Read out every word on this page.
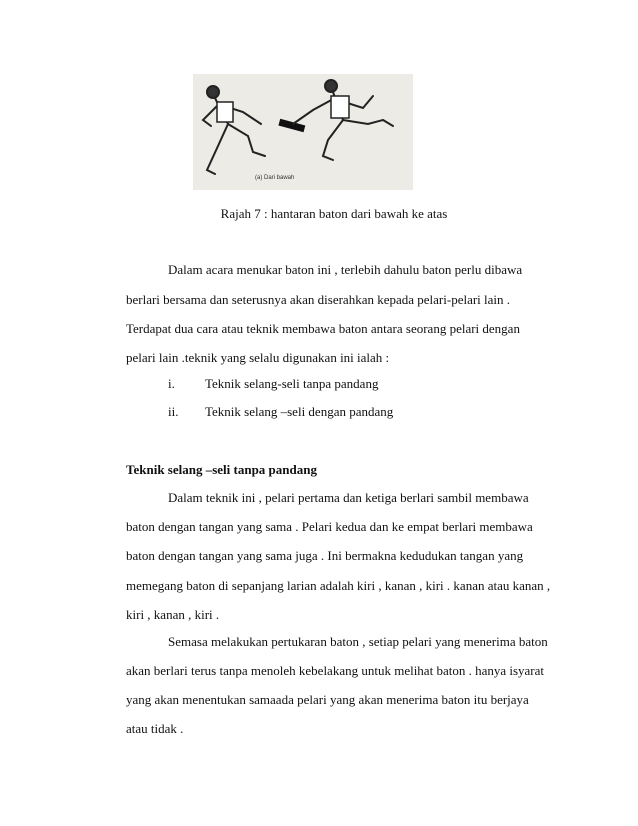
(a) Dari bawah
Rajah 7 : hantaran baton dari bawah ke atas
Dalam acara menukar baton ini , terlebih dahulu baton perlu dibawa
berlari bersama dan seterusnya akan diserahkan kepada pelari-pelari lain .
Terdapat dua cara atau teknik membawa baton antara seorang pelari dengan
pelari lain .teknik yang selalu digunakan ini ialah :
i. Teknik selang-seli tanpa pandang
ii. Teknik selang –seli dengan pandang
Teknik selang –seli tanpa pandang
Dalam teknik ini , pelari pertama dan ketiga berlari sambil membawa
baton dengan tangan yang sama . Pelari kedua dan ke empat berlari membawa
baton dengan tangan yang sama juga . Ini bermakna kedudukan tangan yang
memegang baton di sepanjang larian adalah kiri , kanan , kiri . kanan atau kanan ,
kiri , kanan , kiri .
Semasa melakukan pertukaran baton , setiap pelari yang menerima baton
akan berlari terus tanpa menoleh kebelakang untuk melihat baton . hanya isyarat
yang akan menentukan samaada pelari yang akan menerima baton itu berjaya
atau tidak .
